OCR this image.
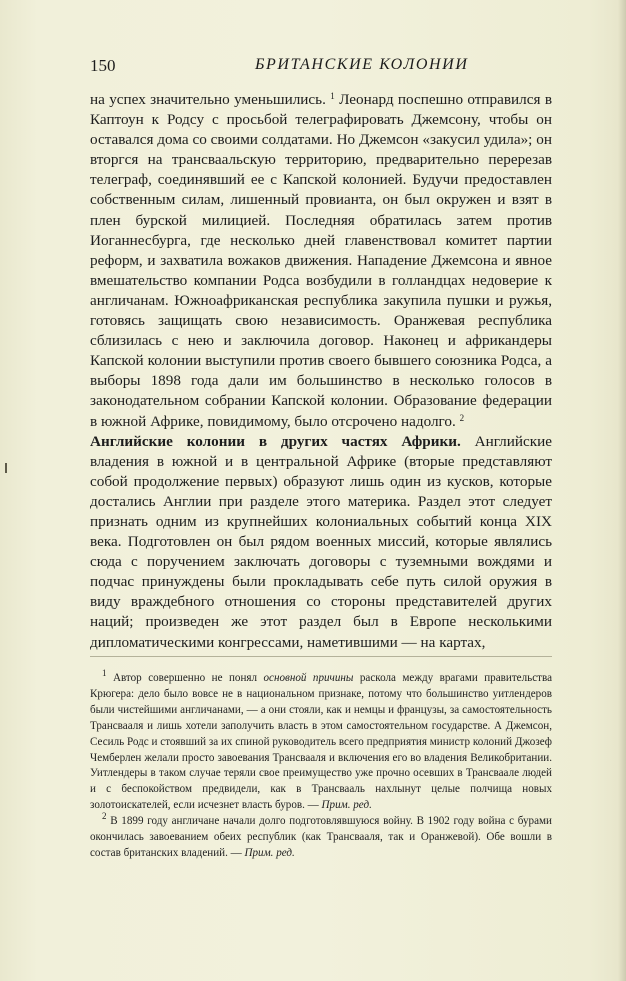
150	БРИТАНСКИЕ КОЛОНИИ

на успех значительно уменьшились. $^1$ Леонард поспешно отправился в Каптоун к Родсу с просьбой телеграфировать Джемсону, чтобы он оставался дома со своими солдатами. Но Джемсон «закусил удила»; он вторгся на трансваальскую территорию, предварительно перерезав телеграф, соединявший ее с Капской колонией. Будучи предоставлен собственным силам, лишенный провианта, он был окружен и взят в плен бурской милицией. Последняя обратилась затем против Иоганнесбурга, где несколько дней главенствовал комитет партии реформ, и захватила вожаков движения. Нападение Джемсона и явное вмешательство компании Родса возбудили в голландцах недоверие к англичанам. Южноафриканская республика закупила пушки и ружья, готовясь защищать свою независимость. Оранжевая республика сблизилась с нею и заключила договор. Наконец и африкандеры Капской колонии выступили против своего бывшего союзника Родса, а выборы 1898 года дали им большинство в несколько голосов в законодательном собрании Капской колонии. Образование федерации в южной Африке, повидимому, было отсрочено надолго. $^2$

Английские колонии в других частях Африки. Английские владения в южной и в центральной Африке (вторые представляют собой продолжение первых) образуют лишь один из кусков, которые достались Англии при разделе этого материка. Раздел этот следует признать одним из крупнейших колониальных событий конца XIX века. Подготовлен он был рядом военных миссий, которые являлись сюда с поручением заключать договоры с туземными вождями и подчас принуждены были прокладывать себе путь силой оружия в виду враждебного отношения со стороны представителей других наций; произведен же этот раздел был в Европе несколькими дипломатическими конгрессами, наметившими — на картах,

$^1$ Автор совершенно не понял основной причины раскола между врагами правительства Крюгера: дело было вовсе не в национальном признаке, потому что большинство уитлендеров были чистейшими англичанами, — а они стояли, как и немцы и французы, за самостоятельность Трансвааля и лишь хотели заполучить власть в этом самостоятельном государстве. А Джемсон, Сесиль Родс и стоявший за их спиной руководитель всего предприятия министр колоний Джозеф Чемберлен желали просто завоевания Трансвааля и включения его во владения Великобритании. Уитлендеры в таком случае теряли свое преимущество уже прочно осевших в Трансваале людей и с беспокойством предвидели, как в Трансвааль нахлынут целые полчища новых золотоискателей, если исчезнет власть буров. — Прим. ред.

$^2$ В 1899 году англичане начали долго подготовлявшуюся войну. В 1902 году война с бурами окончилась завоеванием обеих республик (как Трансвааля, так и Оранжевой). Обе вошли в состав британских владений. — Прим. ред.
